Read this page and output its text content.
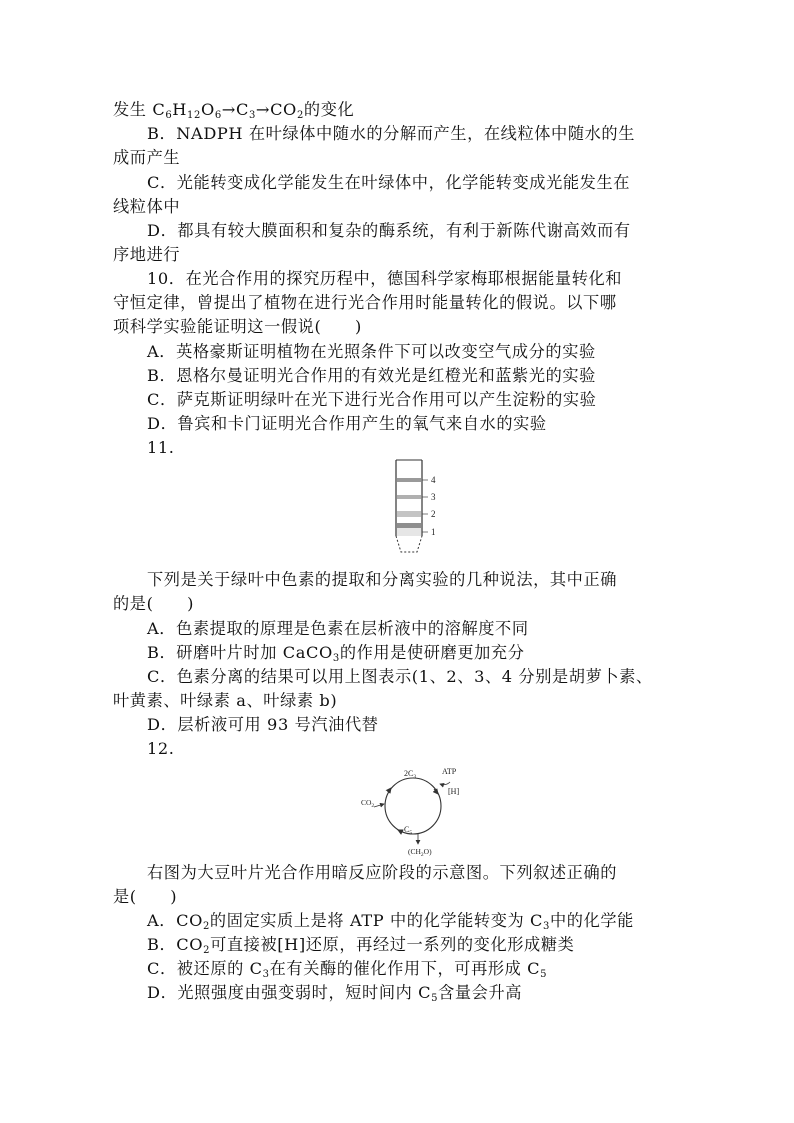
发生 $C_6H_{12}O_6\to C_3\to CO_2$的变化
B．NADPH 在叶绿体中随水的分解而产生，在线粒体中随水的生
成而产生
C．光能转变成化学能发生在叶绿体中，化学能转变成光能发生在
线粒体中
D．都具有较大膜面积和复杂的酶系统，有利于新陈代谢高效而有
序地进行
10．在光合作用的探究历程中，德国科学家梅耶根据能量转化和
守恒定律，曾提出了植物在进行光合作用时能量转化的假说。以下哪
项科学实验能证明这一假说(　　)
A．英格豪斯证明植物在光照条件下可以改变空气成分的实验
B．恩格尔曼证明光合作用的有效光是红橙光和蓝紫光的实验
C．萨克斯证明绿叶在光下进行光合作用可以产生淀粉的实验
D．鲁宾和卡门证明光合作用产生的氧气来自水的实验
11.
4
3
2
1
下列是关于绿叶中色素的提取和分离实验的几种说法，其中正确
的是(　　)
A．色素提取的原理是色素在层析液中的溶解度不同
B．研磨叶片时加 CaCO$_3$的作用是使研磨更加充分
C．色素分离的结果可以用上图表示(1、2、3、4 分别是胡萝卜素、
叶黄素、叶绿素 a、叶绿素 b)
D．层析液可用 93 号汽油代替
12.
$2C_3$
ATP
[H]
$CO_2$
$C_5$
$(CH_2O)$
右图为大豆叶片光合作用暗反应阶段的示意图。下列叙述正确的
是(　　)
A．$CO_2$的固定实质上是将 ATP 中的化学能转变为 $C_3$中的化学能
B．$CO_2$可直接被[H]还原，再经过一系列的变化形成糖类
C．被还原的 $C_3$在有关酶的催化作用下，可再形成 $C_5$
D．光照强度由强变弱时，短时间内 $C_5$含量会升高
